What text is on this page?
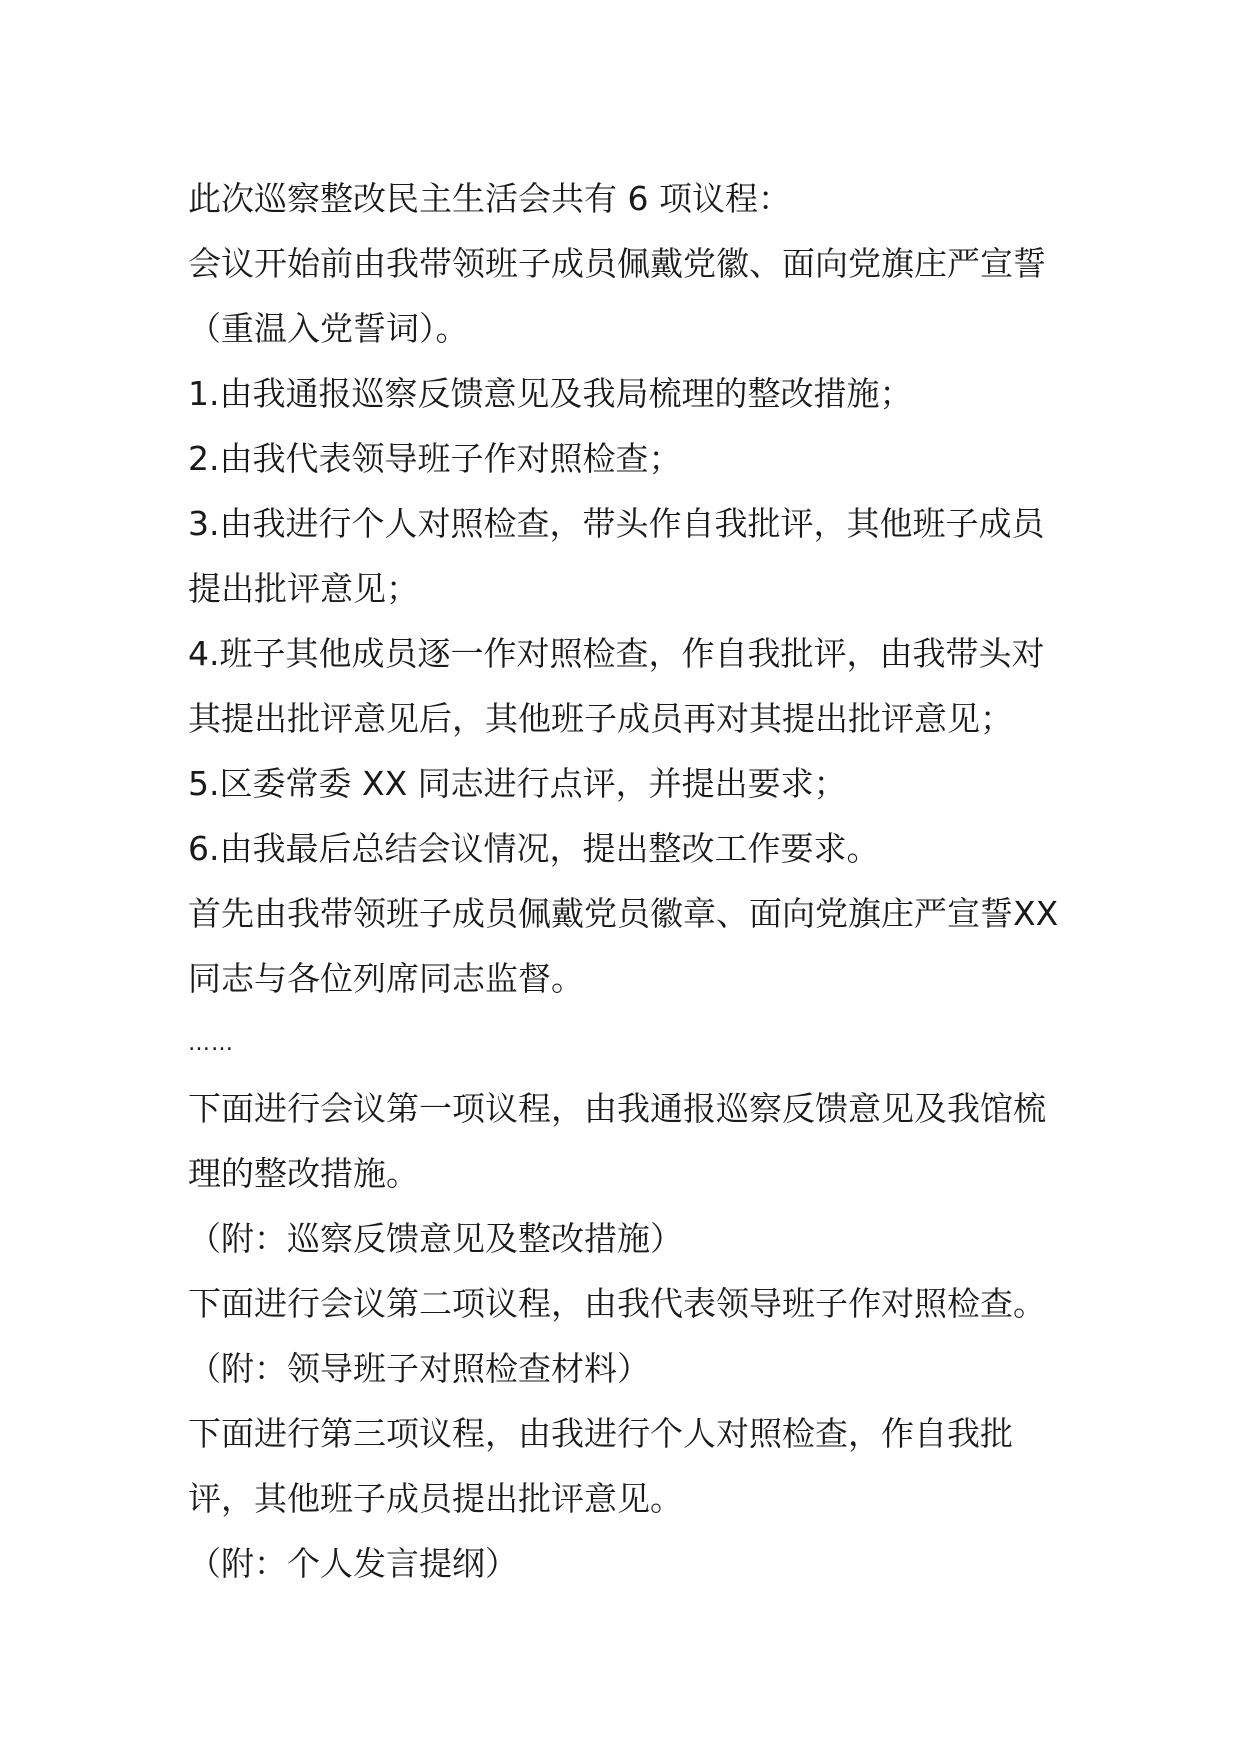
此次巡察整改民主生活会共有 6 项议程：

会议开始前由我带领班子成员佩戴党徽、面向党旗庄严宣誓（重温入党誓词）。

1.由我通报巡察反馈意见及我局梳理的整改措施；

2.由我代表领导班子作对照检查；

3.由我进行个人对照检查，带头作自我批评，其他班子成员提出批评意见；

4.班子其他成员逐一作对照检查，作自我批评，由我带头对其提出批评意见后，其他班子成员再对其提出批评意见；

5.区委常委 XX 同志进行点评，并提出要求；

6.由我最后总结会议情况，提出整改工作要求。

首先由我带领班子成员佩戴党员徽章、面向党旗庄严宣誓XX 同志与各位列席同志监督。

……

下面进行会议第一项议程，由我通报巡察反馈意见及我馆梳理的整改措施。

（附：巡察反馈意见及整改措施）

下面进行会议第二项议程，由我代表领导班子作对照检查。

（附：领导班子对照检查材料）

下面进行第三项议程，由我进行个人对照检查，作自我批评，其他班子成员提出批评意见。

（附：个人发言提纲）
